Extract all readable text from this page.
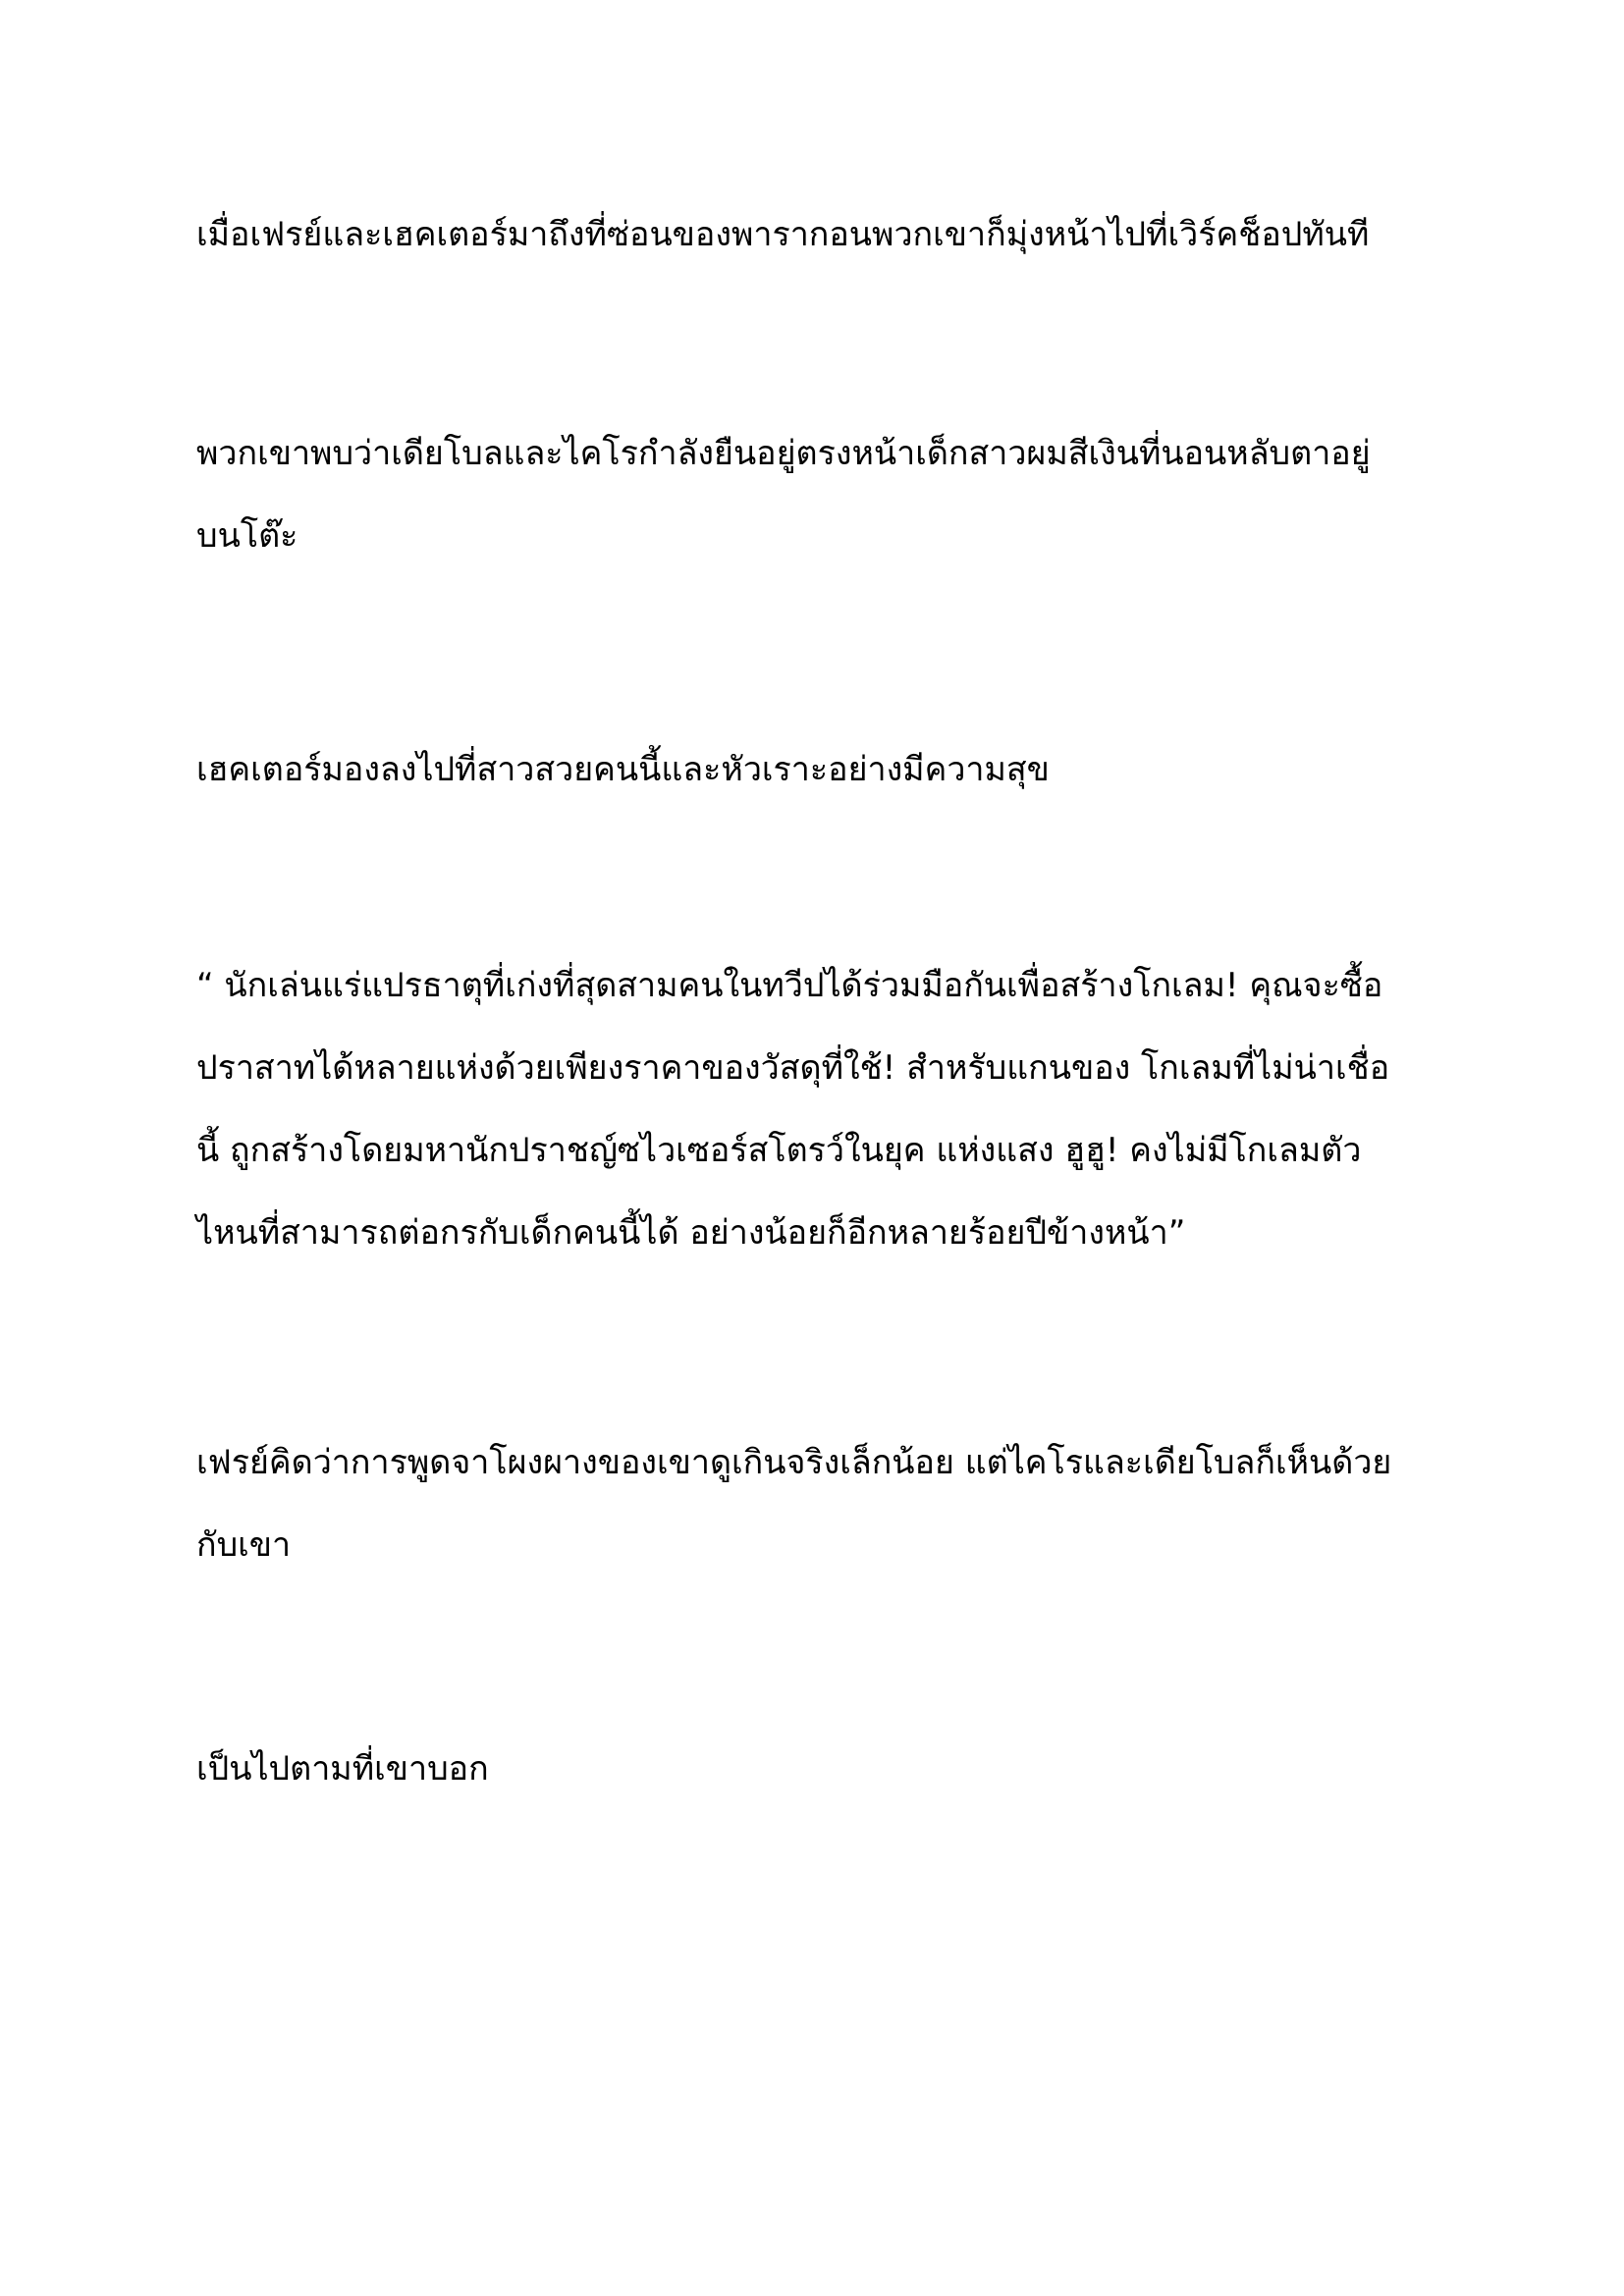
เมื่อเฟรย์และเฮคเตอร์มาถึงที่ซ่อนของพารากอนพวกเขาก็มุ่งหน้าไปที่เวิร์คช็อปทันที

พวกเขาพบว่าเดียโบลและไคโรกำลังยืนอยู่ตรงหน้าเด็กสาวผมสีเงินที่นอนหลับตาอยู่
บนโต๊ะ

เฮคเตอร์มองลงไปที่สาวสวยคนนี้และหัวเราะอย่างมีความสุข

“ นักเล่นแร่แปรธาตุที่เก่งที่สุดสามคนในทวีปได้ร่วมมือกันเพื่อสร้างโกเลม! คุณจะซื้อ
ปราสาทได้หลายแห่งด้วยเพียงราคาของวัสดุที่ใช้! สำหรับแกนของ โกเลมที่ไม่น่าเชื่อ
นี้ ถูกสร้างโดยมหานักปราชญ์ซไวเซอร์สโตรว์ในยุค แห่งแสง ฮูฮู! คงไม่มีโกเลมตัว
ไหนที่สามารถต่อกรกับเด็กคนนี้ได้ อย่างน้อยก็อีกหลายร้อยปีข้างหน้า”

เฟรย์คิดว่าการพูดจาโผงผางของเขาดูเกินจริงเล็กน้อย แต่ไคโรและเดียโบลก็เห็นด้วย
กับเขา

เป็นไปตามที่เขาบอก
